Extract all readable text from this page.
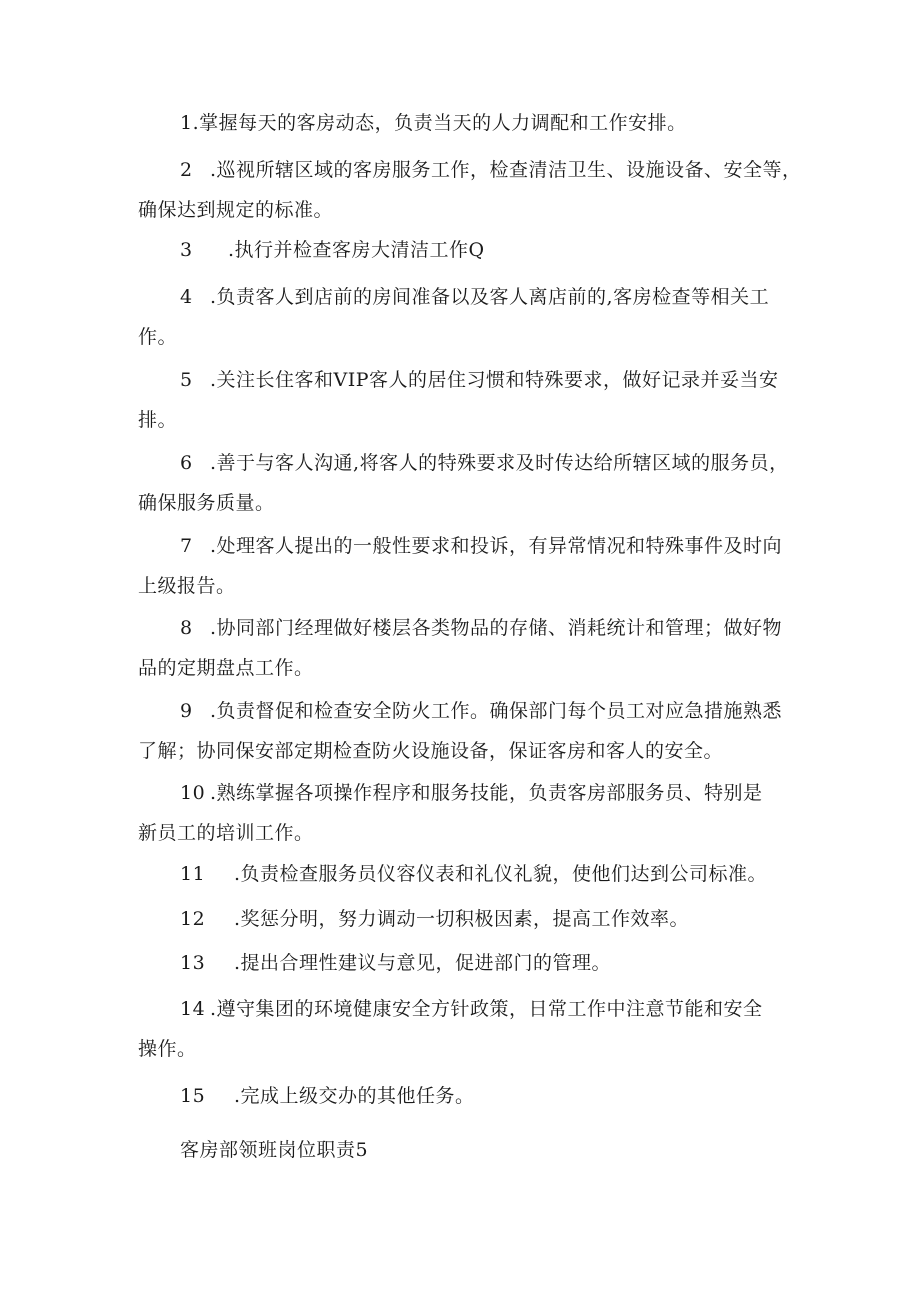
1.掌握每天的客房动态，负责当天的人力调配和工作安排。
2 .巡视所辖区域的客房服务工作，检查清洁卫生、设施设备、安全等，
确保达到规定的标准。
3 .执行并检查客房大清洁工作Q
4 .负责客人到店前的房间准备以及客人离店前的,客房检查等相关工
作。
5 .关注长住客和VIP客人的居住习惯和特殊要求，做好记录并妥当安
排。
6 .善于与客人沟通,将客人的特殊要求及时传达给所辖区域的服务员，
确保服务质量。
7 .处理客人提出的一般性要求和投诉，有异常情况和特殊事件及时向
上级报告。
8 .协同部门经理做好楼层各类物品的存储、消耗统计和管理；做好物
品的定期盘点工作。
9 .负责督促和检查安全防火工作。确保部门每个员工对应急措施熟悉
了解；协同保安部定期检查防火设施设备，保证客房和客人的安全。
10 .熟练掌握各项操作程序和服务技能，负责客房部服务员、特别是
新员工的培训工作。
11 .负责检查服务员仪容仪表和礼仪礼貌，使他们达到公司标准。
12 .奖惩分明，努力调动一切积极因素，提高工作效率。
13 .提出合理性建议与意见，促进部门的管理。
14 .遵守集团的环境健康安全方针政策，日常工作中注意节能和安全
操作。
15 .完成上级交办的其他任务。
客房部领班岗位职责5
